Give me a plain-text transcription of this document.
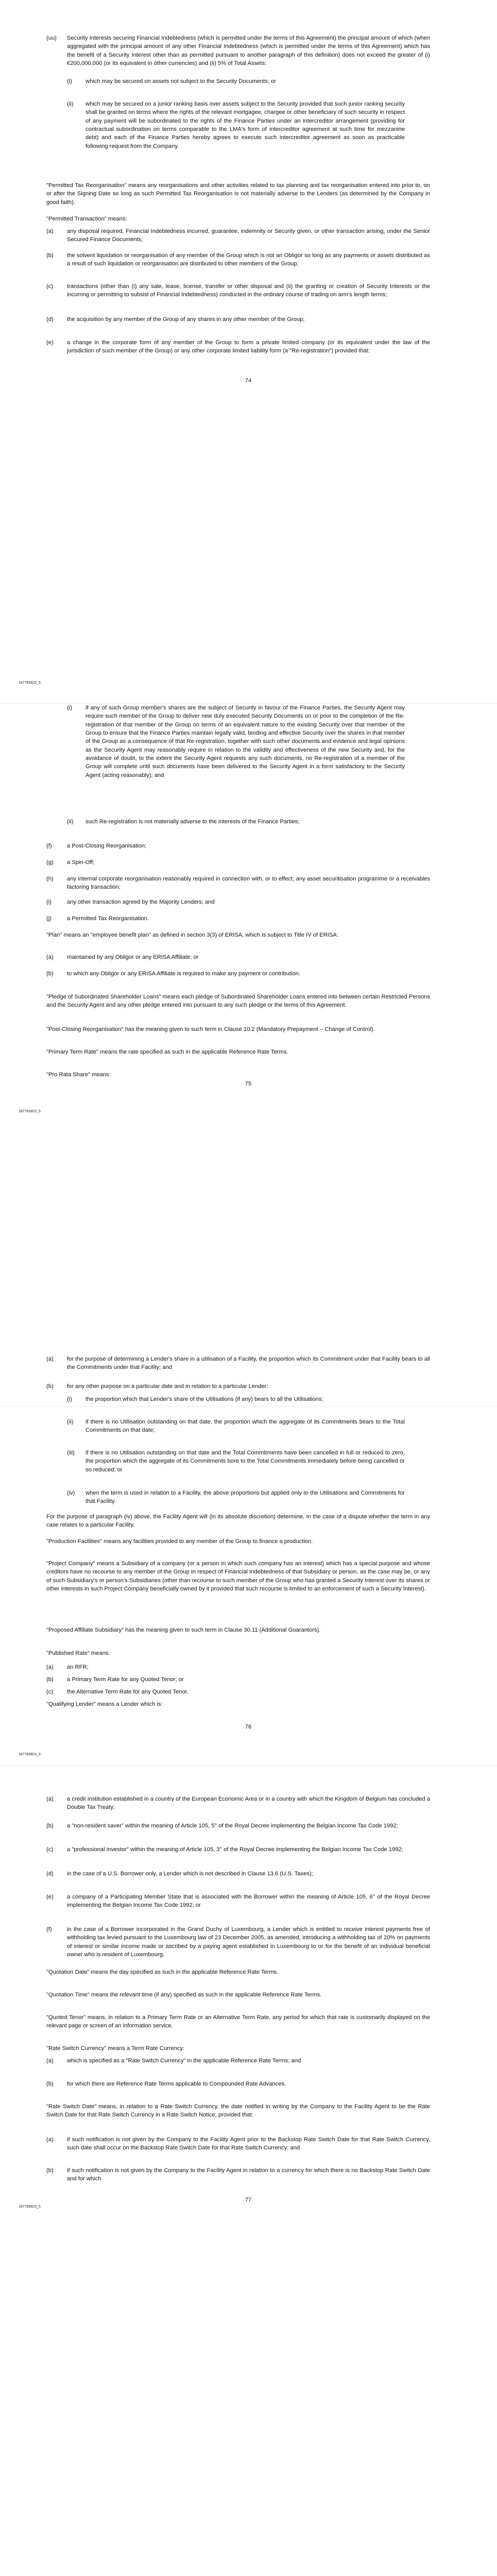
(uu) Security Interests securing Financial Indebtedness (which is permitted under the terms of this Agreement) the principal amount of which (when aggregated with the principal amount of any other Financial Indebtedness (which is permitted under the terms of this Agreement) which has the benefit of a Security Interest other than as permitted pursuant to another paragraph of this definition) does not exceed the greater of (i) €200,000,000 (or its equivalent in other currencies) and (ii) 5% of Total Assets:
(i) which may be secured on assets not subject to the Security Documents; or
(ii) which may be secured on a junior ranking basis over assets subject to the Security provided that such junior ranking security shall be granted on terms where the rights of the relevant mortgagee, chargee or other beneficiary of such security in respect of any payment will be subordinated to the rights of the Finance Parties under an intercreditor arrangement (providing for contractual subordination on terms comparable to the LMA's form of intercreditor agreement at such time for mezzanine debt) and each of the Finance Parties hereby agrees to execute such intercreditor agreement as soon as practicable following request from the Company.
"Permitted Tax Reorganisation" means any reorganisations and other activities related to tax planning and tax reorganisation entered into prior to, on or after the Signing Date so long as such Permitted Tax Reorganisation is not materially adverse to the Lenders (as determined by the Company in good faith).
"Permitted Transaction" means:
(a) any disposal required, Financial Indebtedness incurred, guarantee, indemnity or Security given, or other transaction arising, under the Senior Secured Finance Documents;
(b) the solvent liquidation or reorganisation of any member of the Group which is not an Obligor so long as any payments or assets distributed as a result of such liquidation or reorganisation are distributed to other members of the Group;
(c) transactions (other than (i) any sale, lease, license, transfer or other disposal and (ii) the granting or creation of Security Interests or the incurring or permitting to subsist of Financial Indebtedness) conducted in the ordinary course of trading on arm's length terms;
(d) the acquisition by any member of the Group of any shares in any other member of the Group;
(e) a change in the corporate form of any member of the Group to form a private limited company (or its equivalent under the law of the jurisdiction of such member of the Group) or any other corporate limited liability form (a "Re-registration") provided that:
74
187783823_5
(i) if any of such Group member's shares are the subject of Security in favour of the Finance Parties, the Security Agent may require such member of the Group to deliver new duly executed Security Documents on or prior to the completion of the Re-registration of that member of the Group on terms of an equivalent nature to the existing Security over that member of the Group to ensure that the Finance Parties maintain legally valid, binding and effective Security over the shares in that member of the Group as a consequence of that Re-registration, together with such other documents and evidence and legal opinions as the Security Agent may reasonably require in relation to the validity and effectiveness of the new Security and, for the avoidance of doubt, to the extent the Security Agent requests any such documents, no Re-registration of a member of the Group will complete until such documents have been delivered to the Security Agent in a form satisfactory to the Security Agent (acting reasonably); and
(ii) such Re-registration is not materially adverse to the interests of the Finance Parties;
(f)	a Post-Closing Reorganisation;
(g) a Spin-Off;
(h) any internal corporate reorganisation reasonably required in connection with, or to effect, any asset securitisation programme or a receivables factoring transaction;
(i)	any other transaction agreed by the Majority Lenders; and
(j)	a Permitted Tax Reorganisation.
"Plan" means an "employee benefit plan" as defined in section 3(3) of ERISA, which is subject to Title IV of ERISA:
(a) maintained by any Obligor or any ERISA Affiliate; or
(b) to which any Obligor or any ERISA Affiliate is required to make any payment or contribution.
"Pledge of Subordinated Shareholder Loans" means each pledge of Subordinated Shareholder Loans entered into between certain Restricted Persons and the Security Agent and any other pledge entered into pursuant to any such pledge or the terms of this Agreement.
"Post-Closing Reorganisation" has the meaning given to such term in Clause 10.2 (Mandatory Prepayment – Change of Control).
"Primary Term Rate" means the rate specified as such in the applicable Reference Rate Terms.
"Pro Rata Share" means:
75
187783823_5
(a) for the purpose of determining a Lender's share in a utilisation of a Facility, the proportion which its Commitment under that Facility bears to all the Commitments under that Facility; and
(b) for any other purpose on a particular date and in relation to a particular Lender:
(i) the proportion which that Lender's share of the Utilisations (if any) bears to all the Utilisations;
(ii) if there is no Utilisation outstanding on that date, the proportion which the aggregate of its Commitments bears to the Total Commitments on that date;
(iii) if there is no Utilisation outstanding on that date and the Total Commitments have been cancelled in full or reduced to zero, the proportion which the aggregate of its Commitments bore to the Total Commitments immediately before being cancelled or so reduced; or
(iv) when the term is used in relation to a Facility, the above proportions but applied only to the Utilisations and Commitments for that Facility.
For the purpose of paragraph (iv) above, the Facility Agent will (in its absolute discretion) determine, in the case of a dispute whether the term in any case relates to a particular Facility.
"Production Facilities" means any facilities provided to any member of the Group to finance a production.
"Project Company" means a Subsidiary of a company (or a person in which such company has an interest) which has a special purpose and whose creditors have no recourse to any member of the Group in respect of Financial Indebtedness of that Subsidiary or person, as the case may be, or any of such Subsidiary's or person's Subsidiaries (other than recourse to such member of the Group who has granted a Security Interest over its shares or other interests in such Project Company beneficially owned by it provided that such recourse is limited to an enforcement of such a Security Interest).
"Proposed Affiliate Subsidiary" has the meaning given to such term in Clause 30.11 (Additional Guarantors).
"Published Rate" means:
(a) an RFR;
(b) a Primary Term Rate for any Quoted Tenor; or
(c) the Alternative Term Rate for any Quoted Tenor.
"Qualifying Lender" means a Lender which is:
76
187783823_5
(a) a credit institution established in a country of the European Economic Area or in a country with which the Kingdom of Belgium has concluded a Double Tax Treaty;
(b) a "non-resident saver" within the meaning of Article 105, 5° of the Royal Decree implementing the Belgian Income Tax Code 1992;
(c) a "professional investor" within the meaning of Article 105, 3° of the Royal Decree implementing the Belgian Income Tax Code 1992;
(d) in the case of a U.S. Borrower only, a Lender which is not described in Clause 13.6 (U.S. Taxes);
(e) a company of a Participating Member State that is associated with the Borrower within the meaning of Article 105, 6° of the Royal Decree implementing the Belgian Income Tax Code 1992; or
(f)	in the case of a Borrower incorporated in the Grand Duchy of Luxembourg, a Lender which is entitled to receive interest payments free of withholding tax levied pursuant to the Luxembourg law of 23 December 2005, as amended, introducing a withholding tax of 20% on payments of interest or similar income made or ascribed by a paying agent established in Luxembourg to or for the benefit of an individual beneficial owner who is resident of Luxembourg.
"Quotation Date" means the day specified as such in the applicable Reference Rate Terms.
"Quotation Time" means the relevant time (if any) specified as such in the applicable Reference Rate Terms.
"Quoted Tenor" means, in relation to a Primary Term Rate or an Alternative Term Rate, any period for which that rate is customarily displayed on the relevant page or screen of an information service.
"Rate Switch Currency" means a Term Rate Currency:
(a) which is specified as a "Rate Switch Currency" in the applicable Reference Rate Terms; and
(b) for which there are Reference Rate Terms applicable to Compounded Rate Advances.
"Rate Switch Date" means, in relation to a Rate Switch Currency, the date notified in writing by the Company to the Facility Agent to be the Rate Switch Date for that Rate Switch Currency in a Rate Switch Notice, provided that:
(a) if such notification is not given by the Company to the Facility Agent prior to the Backstop Rate Switch Date for that Rate Switch Currency, such date shall occur on the Backstop Rate Switch Date for that Rate Switch Currency; and
(b) if such notification is not given by the Company to the Facility Agent in relation to a currency for which there is no Backstop Rate Switch Date and for which
77
187783823_5
